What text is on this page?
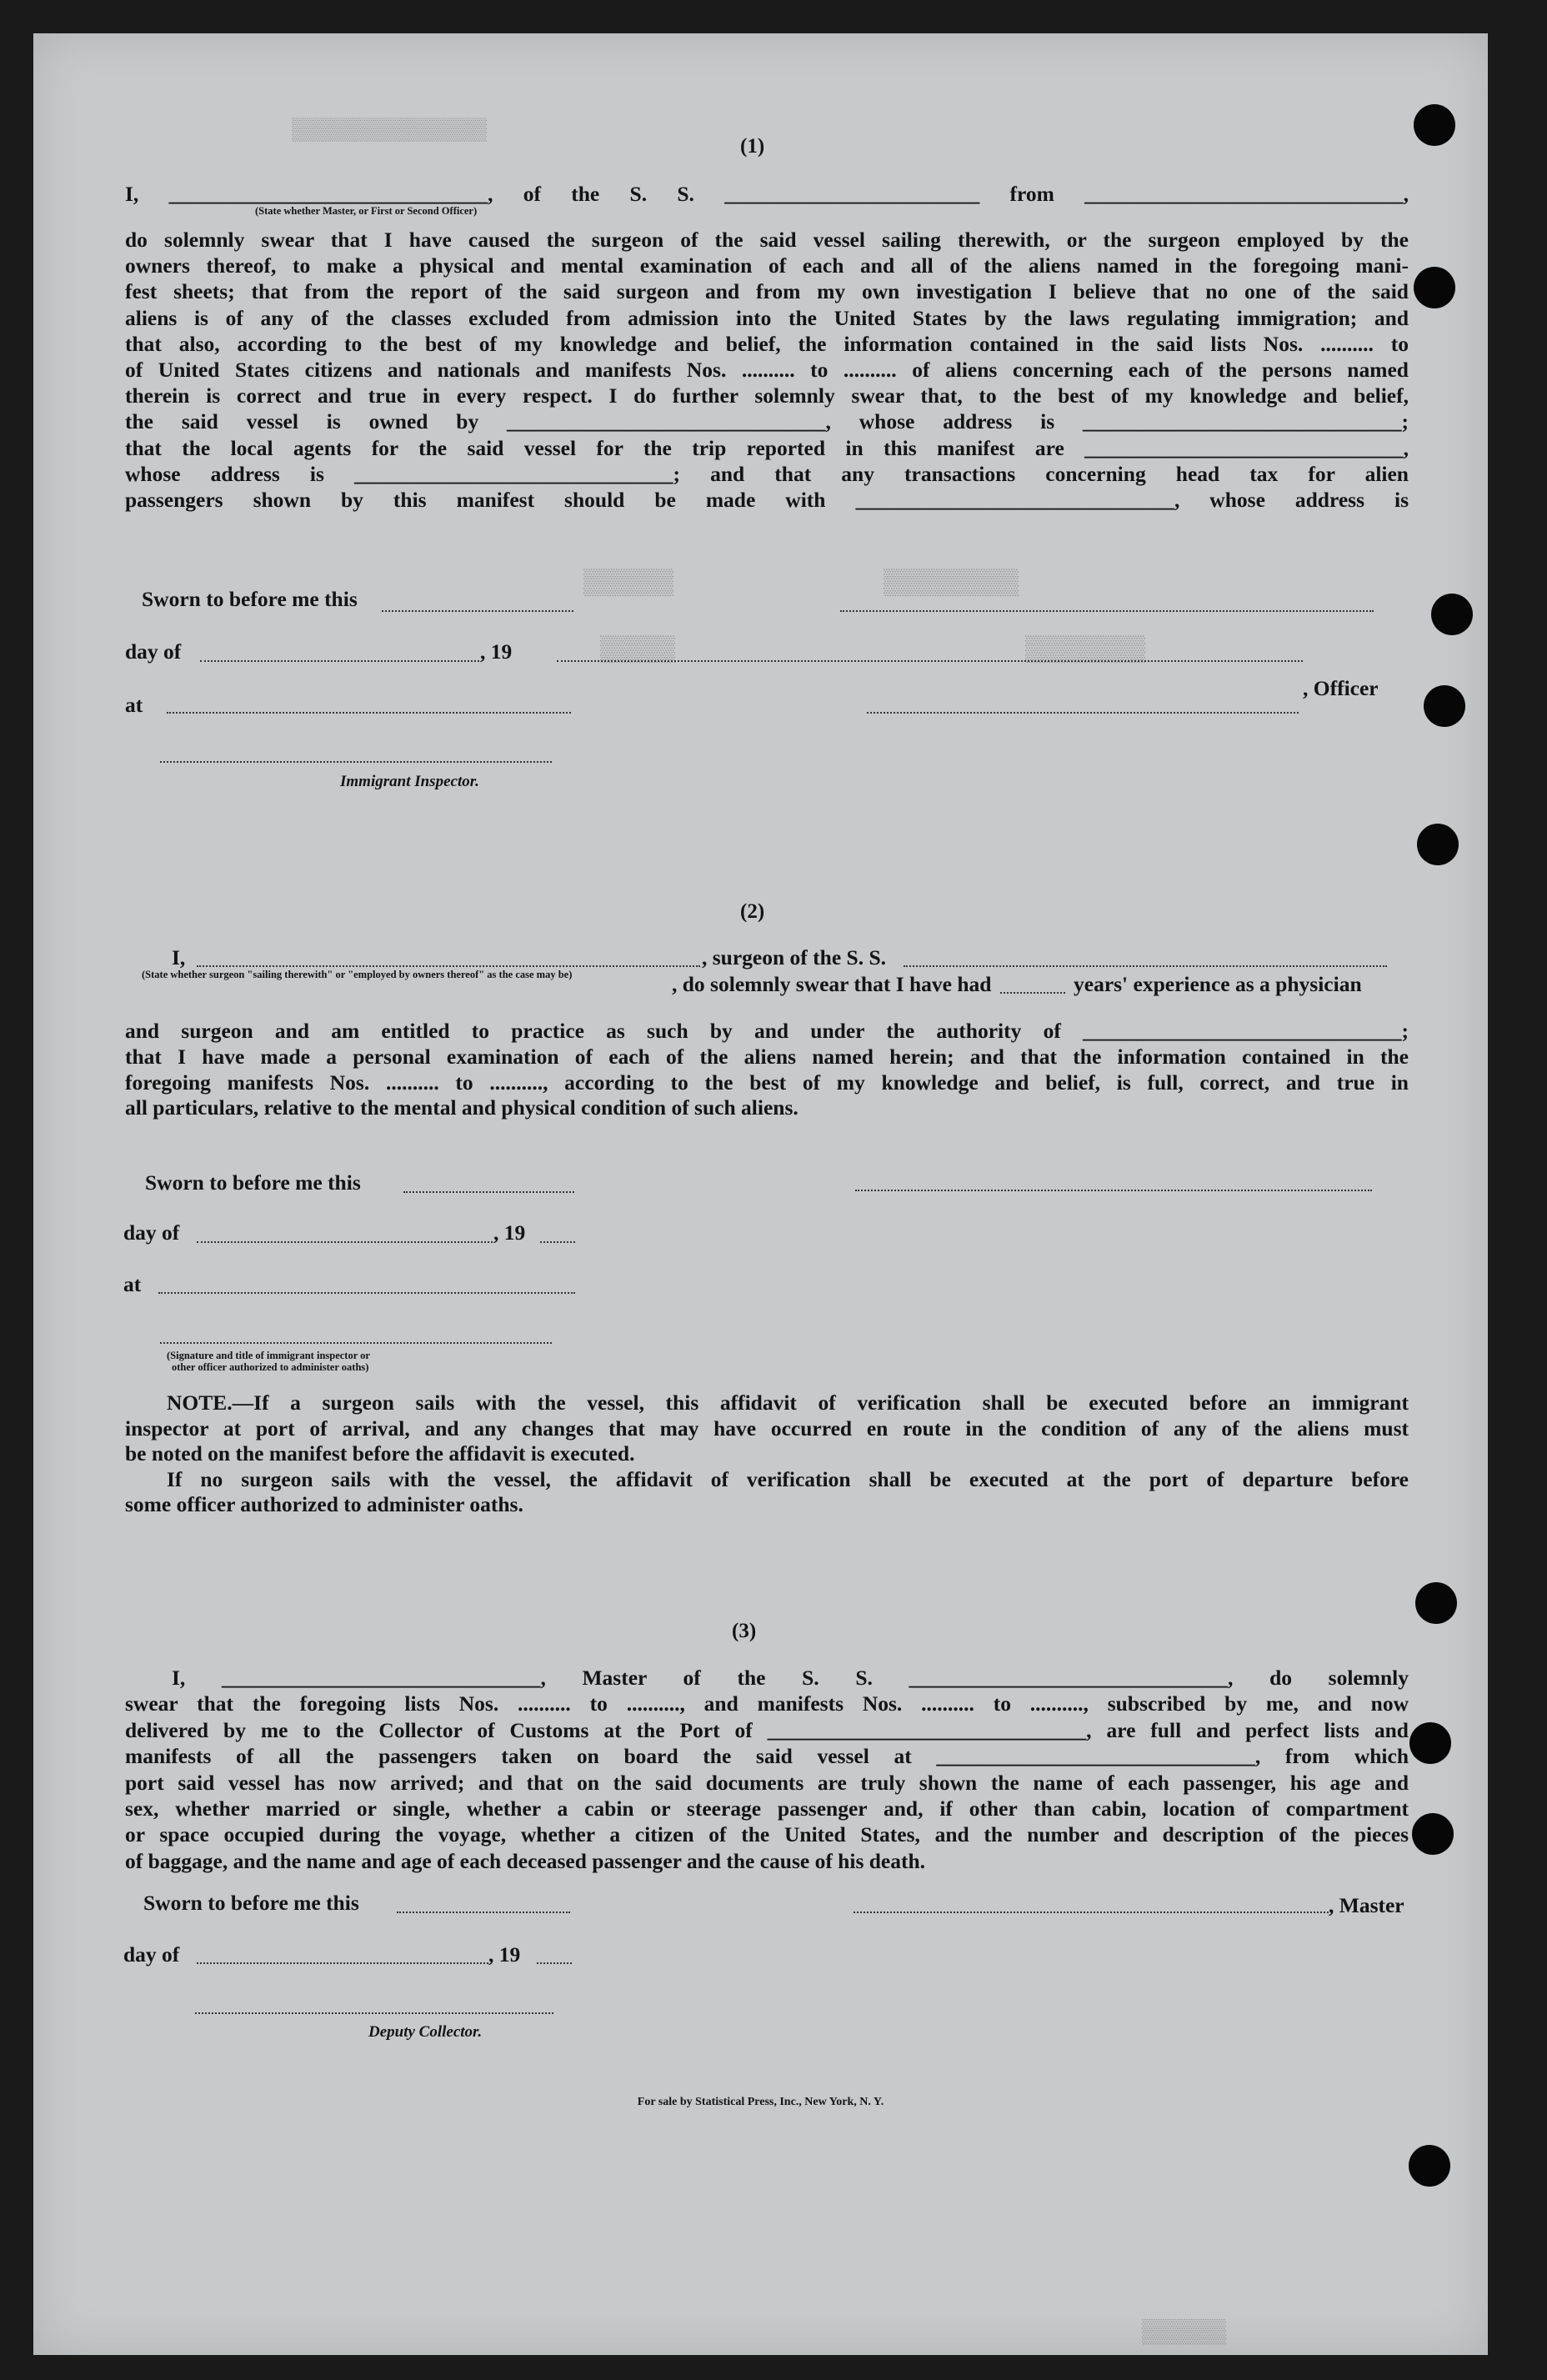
▒▒▒▒▒▒▒▒▒▒▒▒▒▒▒
▒▒▒▒▒▒	▒▒▒▒▒▒▒▒▒
▒▒▒▒▒	▒▒▒▒▒▒▒▒
▒▒▒▒▒▒
(1)
I, ______________________________, of the S. S. ________________________ from ______________________________,
(State whether Master, or First or Second Officer)
do solemnly swear that I have caused the surgeon of the said vessel sailing therewith, or the surgeon employed by the
owners thereof, to make a physical and mental examination of each and all of the aliens named in the foregoing mani-
fest sheets; that from the report of the said surgeon and from my own investigation I believe that no one of the said
aliens is of any of the classes excluded from admission into the United States by the laws regulating immigration; and
that also, according to the best of my knowledge and belief, the information contained in the said lists Nos. .......... to
of United States citizens and nationals and manifests Nos. .......... to .......... of aliens concerning each of the persons named
therein is correct and true in every respect. I do further solemnly swear that, to the best of my knowledge and belief,
the said vessel is owned by ______________________________, whose address is ______________________________;
that the local agents for the said vessel for the trip reported in this manifest are ______________________________,
whose address is ______________________________; and that any transactions concerning head tax for alien
passengers shown by this manifest should be made with ______________________________, whose address is
Sworn to before me this
day of	, 19
at
, Officer
Immigrant Inspector.
(2)
I,	, surgeon of the S. S.
(State whether surgeon "sailing therewith" or "employed by owners thereof" as the case may be)	, do solemnly swear that I have had	years' experience as a physician
and surgeon and am entitled to practice as such by and under the authority of ______________________________;
that I have made a personal examination of each of the aliens named herein; and that the information contained in the
foregoing manifests Nos. .......... to .........., according to the best of my knowledge and belief, is full, correct, and true in
all particulars, relative to the mental and physical condition of such aliens.
Sworn to before me this
day of	, 19
at
(Signature and title of immigrant inspector or
other officer authorized to administer oaths)
NOTE.—If a surgeon sails with the vessel, this affidavit of verification shall be executed before an immigrant
inspector at port of arrival, and any changes that may have occurred en route in the condition of any of the aliens must
be noted on the manifest before the affidavit is executed.
If no surgeon sails with the vessel, the affidavit of verification shall be executed at the port of departure before
some officer authorized to administer oaths.
(3)
I, ______________________________, Master of the S. S. ______________________________, do solemnly
swear that the foregoing lists Nos. .......... to .........., and manifests Nos. .......... to .........., subscribed by me, and now
delivered by me to the Collector of Customs at the Port of ______________________________, are full and perfect lists and
manifests of all the passengers taken on board the said vessel at ______________________________, from which
port said vessel has now arrived; and that on the said documents are truly shown the name of each passenger, his age and
sex, whether married or single, whether a cabin or steerage passenger and, if other than cabin, location of compartment
or space occupied during the voyage, whether a citizen of the United States, and the number and description of the pieces
of baggage, and the name and age of each deceased passenger and the cause of his death.
Sworn to before me this	, Master
day of	, 19
Deputy Collector.
For sale by Statistical Press, Inc., New York, N. Y.
